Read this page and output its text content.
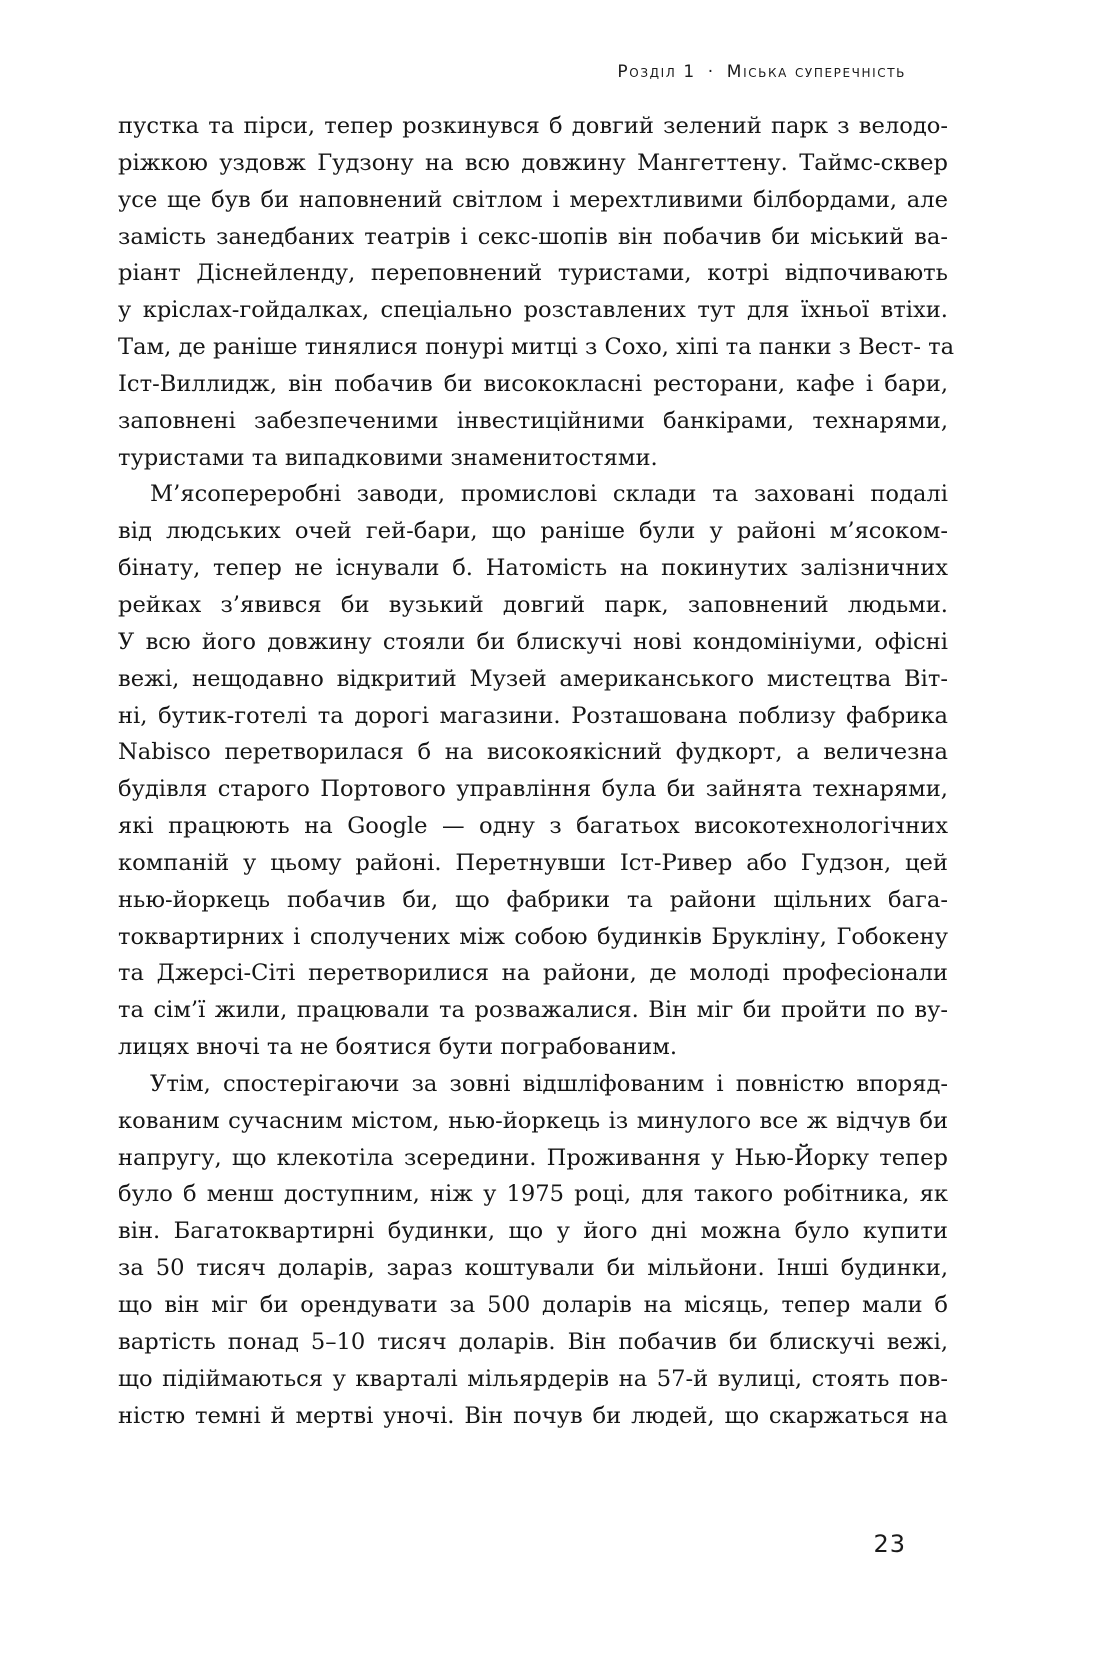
Розділ 1 · Міська суперечність
пустка та пірси, тепер розкинувся б довгий зелений парк з велодо-
ріжкою уздовж Гудзону на всю довжину Мангеттену. Таймс-сквер
усе ще був би наповнений світлом і мерехтливими білбордами, але
замість занедбаних театрів і секс-шопів він побачив би міський ва-
ріант Діснейленду, переповнений туристами, котрі відпочивають
у кріслах-гойдалках, спеціально розставлених тут для їхньої втіхи.
Там, де раніше тинялися понурі митці з Сохо, хіпі та панки з Вест- та
Іст-Виллидж, він побачив би висококласні ресторани, кафе і бари,
заповнені забезпеченими інвестиційними банкірами, технарями,
туристами та випадковими знаменитостями.
М’ясопереробні заводи, промислові склади та заховані подалі
від людських очей гей-бари, що раніше були у районі м’ясоком-
бінату, тепер не існували б. Натомість на покинутих залізничних
рейках з’явився би вузький довгий парк, заповнений людьми.
У всю його довжину стояли би блискучі нові кондомініуми, офісні
вежі, нещодавно відкритий Музей американського мистецтва Віт-
ні, бутик-готелі та дорогі магазини. Розташована поблизу фабрика
Nabisco перетворилася б на високоякісний фудкорт, а величезна
будівля старого Портового управління була би зайнята технарями,
які працюють на Google — одну з багатьох високотехнологічних
компаній у цьому районі. Перетнувши Іст-Ривер або Гудзон, цей
нью-йоркець побачив би, що фабрики та райони щільних бага-
токвартирних і сполучених між собою будинків Брукліну, Гобокену
та Джерсі-Сіті перетворилися на райони, де молоді професіонали
та сім’ї жили, працювали та розважалися. Він міг би пройти по ву-
лицях вночі та не боятися бути пограбованим.
Утім, спостерігаючи за зовні відшліфованим і повністю впоряд-
кованим сучасним містом, нью-йоркець із минулого все ж відчув би
напругу, що клекотіла зсередини. Проживання у Нью-Йорку тепер
було б менш доступним, ніж у 1975 році, для такого робітника, як
він. Багатоквартирні будинки, що у його дні можна було купити
за 50 тисяч доларів, зараз коштували би мільйони. Інші будинки,
що він міг би орендувати за 500 доларів на місяць, тепер мали б
вартість понад 5–10 тисяч доларів. Він побачив би блискучі вежі,
що підіймаються у кварталі мільярдерів на 57-й вулиці, стоять пов-
ністю темні й мертві уночі. Він почув би людей, що скаржаться на
23
